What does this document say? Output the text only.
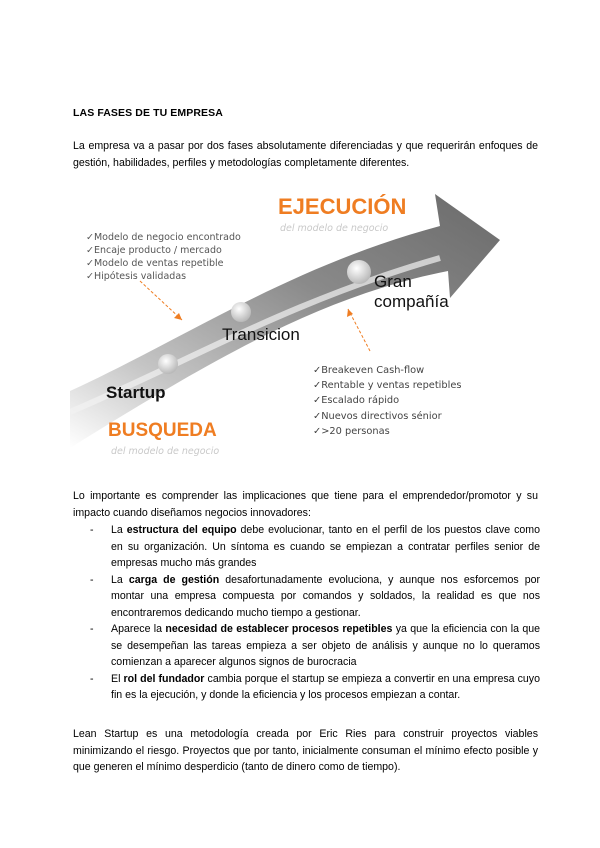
LAS FASES DE TU EMPRESA
La empresa va a pasar por dos fases absolutamente diferenciadas y que requerirán enfoques de gestión, habilidades, perfiles y metodologías completamente diferentes.
EJECUCIÓN
del modelo de negocio
✓Modelo de negocio encontrado
✓Encaje producto / mercado
✓Modelo de ventas repetible
✓Hipótesis validadas	Gran
compañía
Transicion
Startup
✓Breakeven Cash-flow
✓Rentable y ventas repetibles
✓Escalado rápido
✓Nuevos directivos sénior
✓>20 personas
BUSQUEDA
del modelo de negocio
Lo importante es comprender las implicaciones que tiene para el emprendedor/promotor y su impacto cuando diseñamos negocios innovadores:
- La estructura del equipo debe evolucionar, tanto en el perfil de los puestos clave como en su organización. Un síntoma es cuando se empiezan a contratar perfiles senior de empresas mucho más grandes
- La carga de gestión desafortunadamente evoluciona, y aunque nos esforcemos por montar una empresa compuesta por comandos y soldados, la realidad es que nos encontraremos dedicando mucho tiempo a gestionar.
- Aparece la necesidad de establecer procesos repetibles ya que la eficiencia con la que se desempeñan las tareas empieza a ser objeto de análisis y aunque no lo queramos comienzan a aparecer algunos signos de burocracia
- El rol del fundador cambia porque el startup se empieza a convertir en una empresa cuyo fin es la ejecución, y donde la eficiencia y los procesos empiezan a contar.
Lean Startup es una metodología creada por Eric Ries para construir proyectos viables minimizando el riesgo. Proyectos que por tanto, inicialmente consuman el mínimo efecto posible y que generen el mínimo desperdicio (tanto de dinero como de tiempo).
